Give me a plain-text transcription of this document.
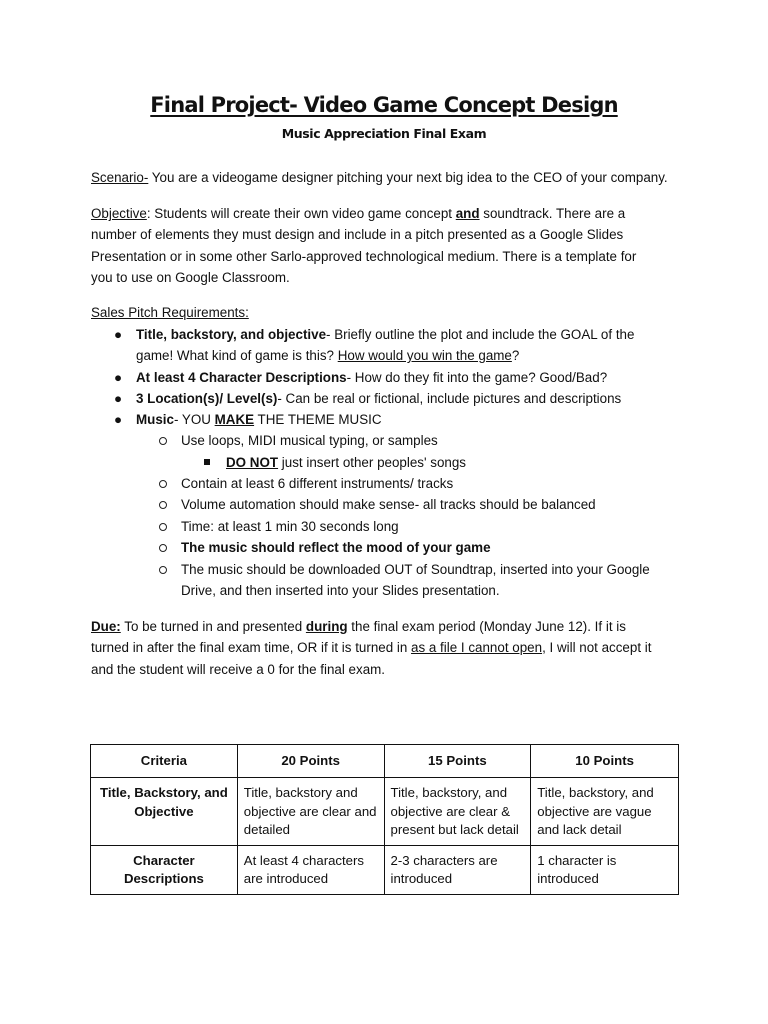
Final Project- Video Game Concept Design
Music Appreciation Final Exam
Scenario- You are a videogame designer pitching your next big idea to the CEO of your company.
Objective: Students will create their own video game concept and soundtrack. There are a
number of elements they must design and include in a pitch presented as a Google Slides
Presentation or in some other Sarlo-approved technological medium. There is a template for
you to use on Google Classroom.
Sales Pitch Requirements:
● Title, backstory, and objective- Briefly outline the plot and include the GOAL of the
game! What kind of game is this? How would you win the game?
● At least 4 Character Descriptions- How do they fit into the game? Good/Bad?
● 3 Location(s)/ Level(s)- Can be real or fictional, include pictures and descriptions
● Music- YOU MAKE THE THEME MUSIC
Use loops, MIDI musical typing, or samples
DO NOT just insert other peoples' songs
Contain at least 6 different instruments/ tracks
Volume automation should make sense- all tracks should be balanced
Time: at least 1 min 30 seconds long
The music should reflect the mood of your game
The music should be downloaded OUT of Soundtrap, inserted into your Google
Drive, and then inserted into your Slides presentation.
Due: To be turned in and presented during the final exam period (Monday June 12). If it is
turned in after the final exam time, OR if it is turned in as a file I cannot open, I will not accept it
and the student will receive a 0 for the final exam.
Criteria	20 Points	15 Points	10 Points
Title, Backstory, and Objective	Title, backstory and objective are clear and detailed	Title, backstory, and objective are clear & present but lack detail	Title, backstory, and objective are vague and lack detail
Character Descriptions	At least 4 characters are introduced	2-3 characters are introduced	1 character is introduced
